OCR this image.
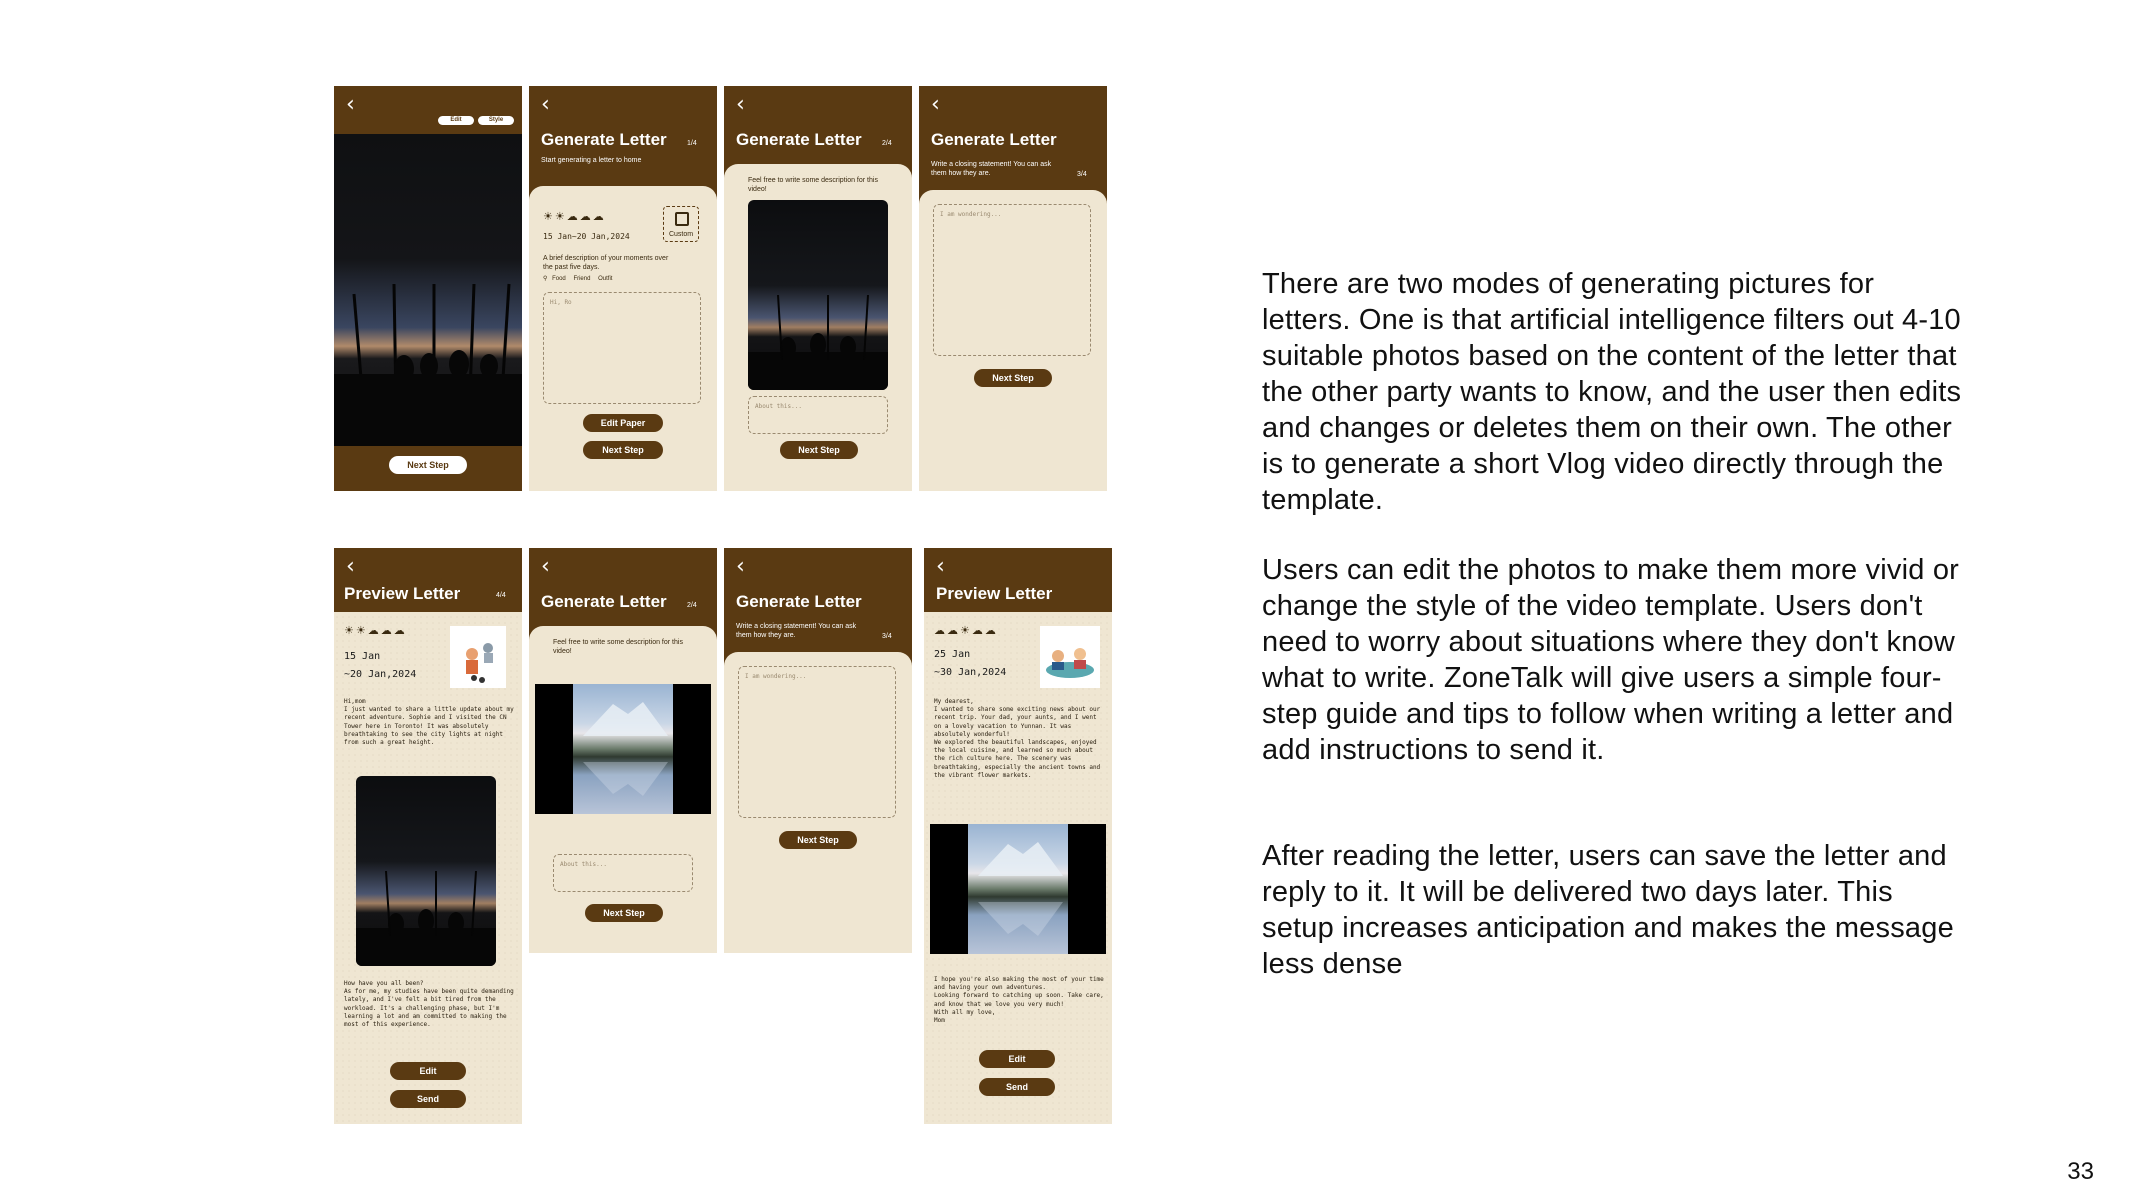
‹
Edit	Style
Next Step
‹
Generate Letter	1/4
Start generating a letter to home
☀☀☁☁☁
Custom
15 Jan~20 Jan,2024
A brief description of your moments over the past five days.
⚲ Food Friend Outfit
Hi, Ro
Edit Paper
Next Step
‹
Generate Letter	2/4
Feel free to write some description for this video!
About this...
Next Step
‹
Generate Letter
Write a closing statement! You can ask them how they are.	3/4
I am wondering...
Next Step
‹
Preview Letter	4/4
☀☀☁☁☁
15 Jan
~20 Jan,2024
Hi,mom
I just wanted to share a little update about my recent adventure. Sophie and I visited the CN Tower here in Toronto! It was absolutely breathtaking to see the city lights at night from such a great height.
How have you all been?
As for me, my studies have been quite demanding lately, and I've felt a bit tired from the workload. It's a challenging phase, but I'm learning a lot and am committed to making the most of this experience.
Edit
Send
‹
Generate Letter	2/4
Feel free to write some description for this video!
About this...
Next Step
‹
Generate Letter
Write a closing statement! You can ask them how they are.	3/4
I am wondering...
Next Step
‹
Preview Letter
☁☁☀☁☁
25 Jan
~30 Jan,2024
My dearest,
I wanted to share some exciting news about our recent trip. Your dad, your aunts, and I went on a lovely vacation to Yunnan. It was absolutely wonderful!
We explored the beautiful landscapes, enjoyed the local cuisine, and learned so much about the rich culture here. The scenery was breathtaking, especially the ancient towns and the vibrant flower markets.
I hope you're also making the most of your time and having your own adventures.
Looking forward to catching up soon. Take care, and know that we love you very much!
With all my love,
Mom
Edit
Send
There are two modes of generating pictures for letters. One is that artificial intelligence filters out 4-10 suitable photos based on the content of the letter that the other party wants to know, and the user then edits and changes or deletes them on their own. The other is to generate a short Vlog video directly through the template.
Users can edit the photos to make them more vivid or change the style of the video template. Users don't need to worry about situations where they don't know what to write. ZoneTalk will give users a simple four-step guide and tips to follow when writing a letter and add instructions to send it.
After reading the letter, users can save the letter and reply to it. It will be delivered two days later. This setup increases anticipation and makes the message less dense
33
